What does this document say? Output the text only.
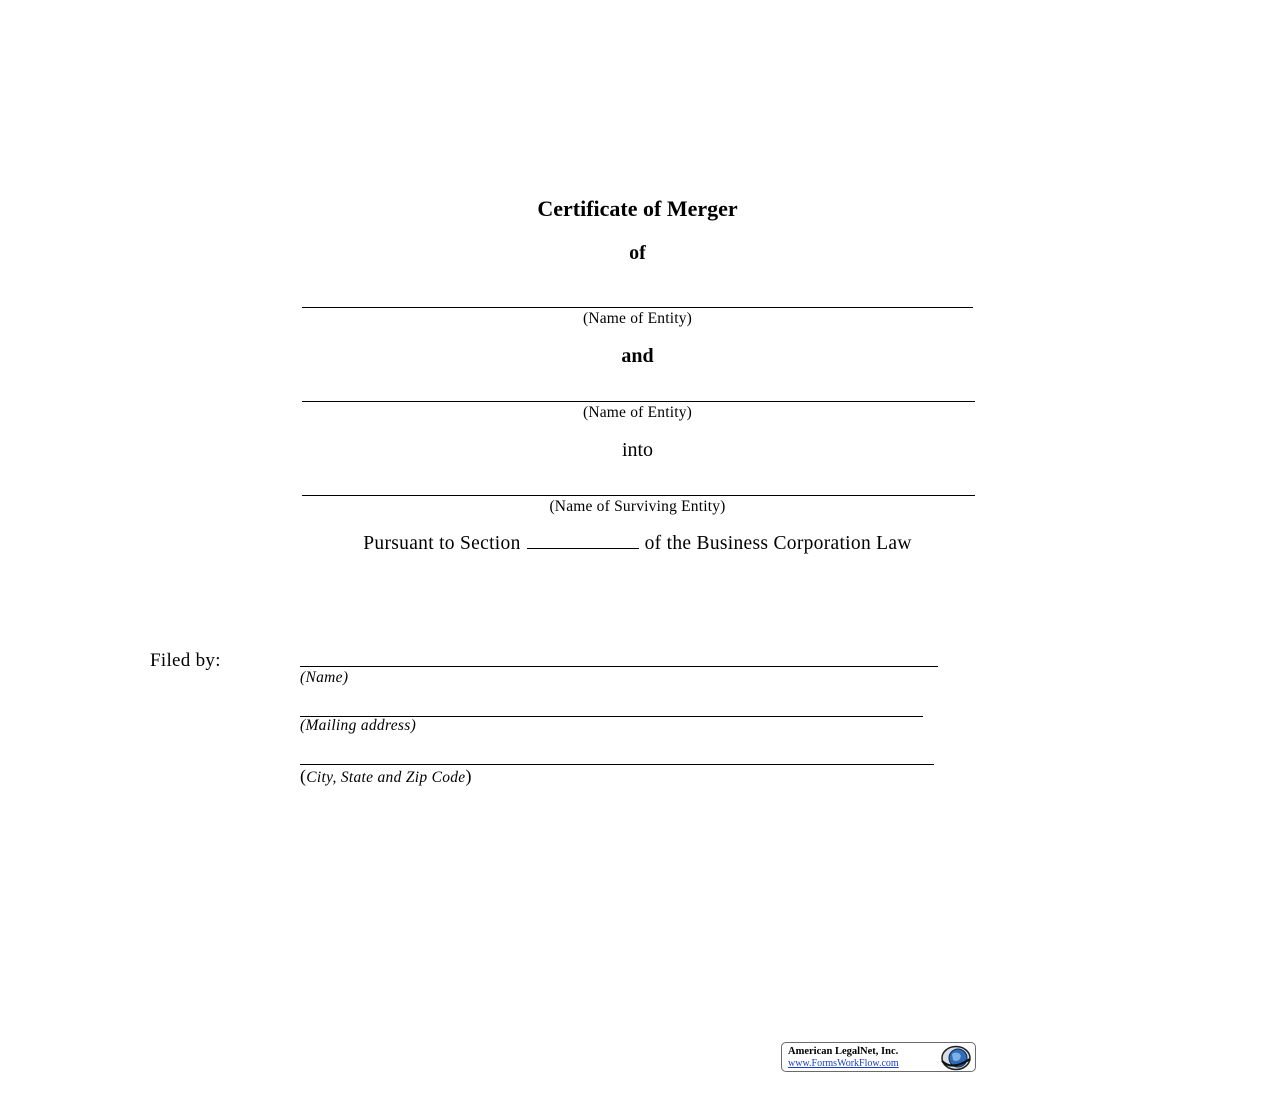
Certificate of Merger
of
(Name of Entity)
and
(Name of Entity)
into
(Name of Surviving Entity)
Pursuant to Section	of the Business Corporation Law
Filed by:
(Name)
(Mailing address)
(City, State and Zip Code)
American LegalNet, Inc.
www.FormsWorkFlow.com
